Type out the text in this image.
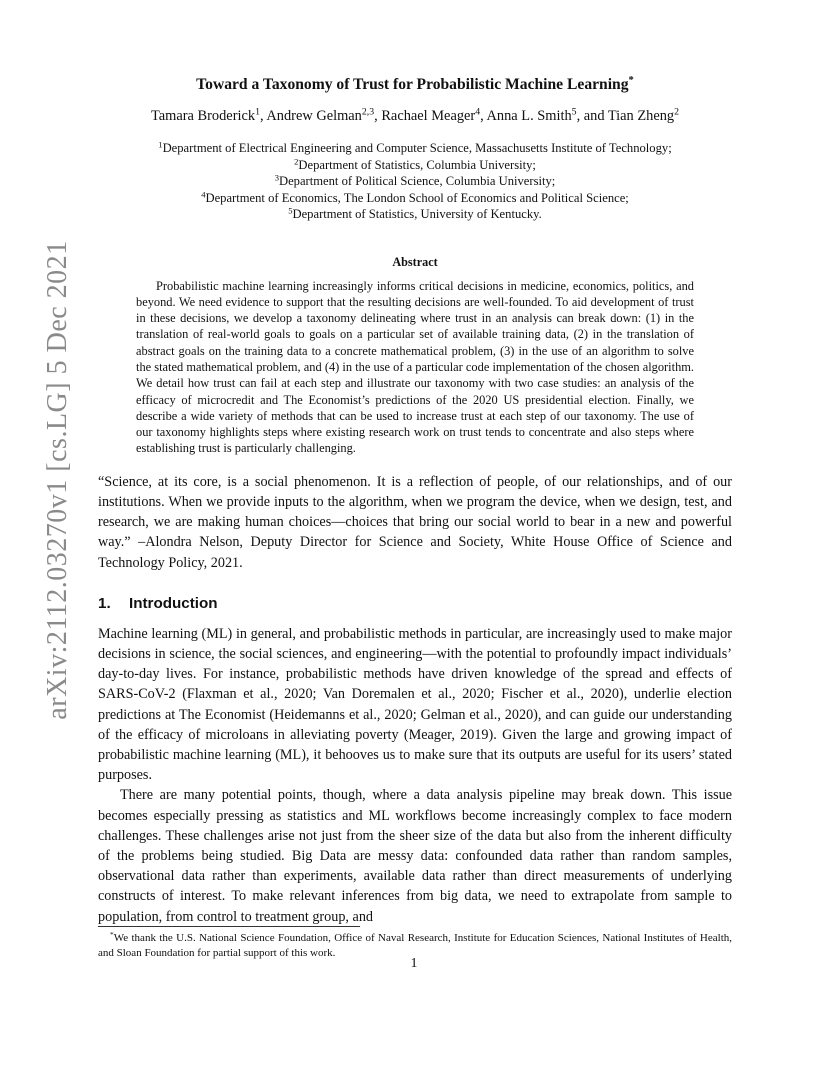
arXiv:2112.03270v1 [cs.LG] 5 Dec 2021
Toward a Taxonomy of Trust for Probabilistic Machine Learning*
Tamara Broderick$^1$, Andrew Gelman$^{2,3}$, Rachael Meager$^4$, Anna L. Smith$^5$, and Tian Zheng$^2$
$^1$Department of Electrical Engineering and Computer Science, Massachusetts Institute of Technology;
$^2$Department of Statistics, Columbia University;
$^3$Department of Political Science, Columbia University;
$^4$Department of Economics, The London School of Economics and Political Science;
$^5$Department of Statistics, University of Kentucky.
Abstract

Probabilistic machine learning increasingly informs critical decisions in medicine, economics, politics, and beyond. We need evidence to support that the resulting decisions are well-founded. To aid development of trust in these decisions, we develop a taxonomy delineating where trust in an analysis can break down: (1) in the translation of real-world goals to goals on a particular set of available training data, (2) in the translation of abstract goals on the training data to a concrete mathematical problem, (3) in the use of an algorithm to solve the stated mathematical problem, and (4) in the use of a particular code implementation of the chosen algorithm. We detail how trust can fail at each step and illustrate our taxonomy with two case studies: an analysis of the efficacy of microcredit and The Economist’s predictions of the 2020 US presidential election. Finally, we describe a wide variety of methods that can be used to increase trust at each step of our taxonomy. The use of our taxonomy highlights steps where existing research work on trust tends to concentrate and also steps where establishing trust is particularly challenging.

“Science, at its core, is a social phenomenon. It is a reflection of people, of our relationships, and of our institutions. When we provide inputs to the algorithm, when we program the device, when we design, test, and research, we are making human choices—choices that bring our social world to bear in a new and powerful way.” –Alondra Nelson, Deputy Director for Science and Society, White House Office of Science and Technology Policy, 2021.

1. Introduction

Machine learning (ML) in general, and probabilistic methods in particular, are increasingly used to make major decisions in science, the social sciences, and engineering—with the potential to profoundly impact individuals’ day-to-day lives. For instance, probabilistic methods have driven knowledge of the spread and effects of SARS-CoV-2 (Flaxman et al., 2020; Van Doremalen et al., 2020; Fischer et al., 2020), underlie election predictions at The Economist (Heidemanns et al., 2020; Gelman et al., 2020), and can guide our understanding of the efficacy of microloans in alleviating poverty (Meager, 2019). Given the large and growing impact of probabilistic machine learning (ML), it behooves us to make sure that its outputs are useful for its users’ stated purposes.

There are many potential points, though, where a data analysis pipeline may break down. This issue becomes especially pressing as statistics and ML workflows become increasingly complex to face modern challenges. These challenges arise not just from the sheer size of the data but also from the inherent difficulty of the problems being studied. Big Data are messy data: confounded data rather than random samples, observational data rather than experiments, available data rather than direct measurements of underlying constructs of interest. To make relevant inferences from big data, we need to extrapolate from sample to population, from control to treatment group, and

*We thank the U.S. National Science Foundation, Office of Naval Research, Institute for Education Sciences, National Institutes of Health, and Sloan Foundation for partial support of this work.
1
